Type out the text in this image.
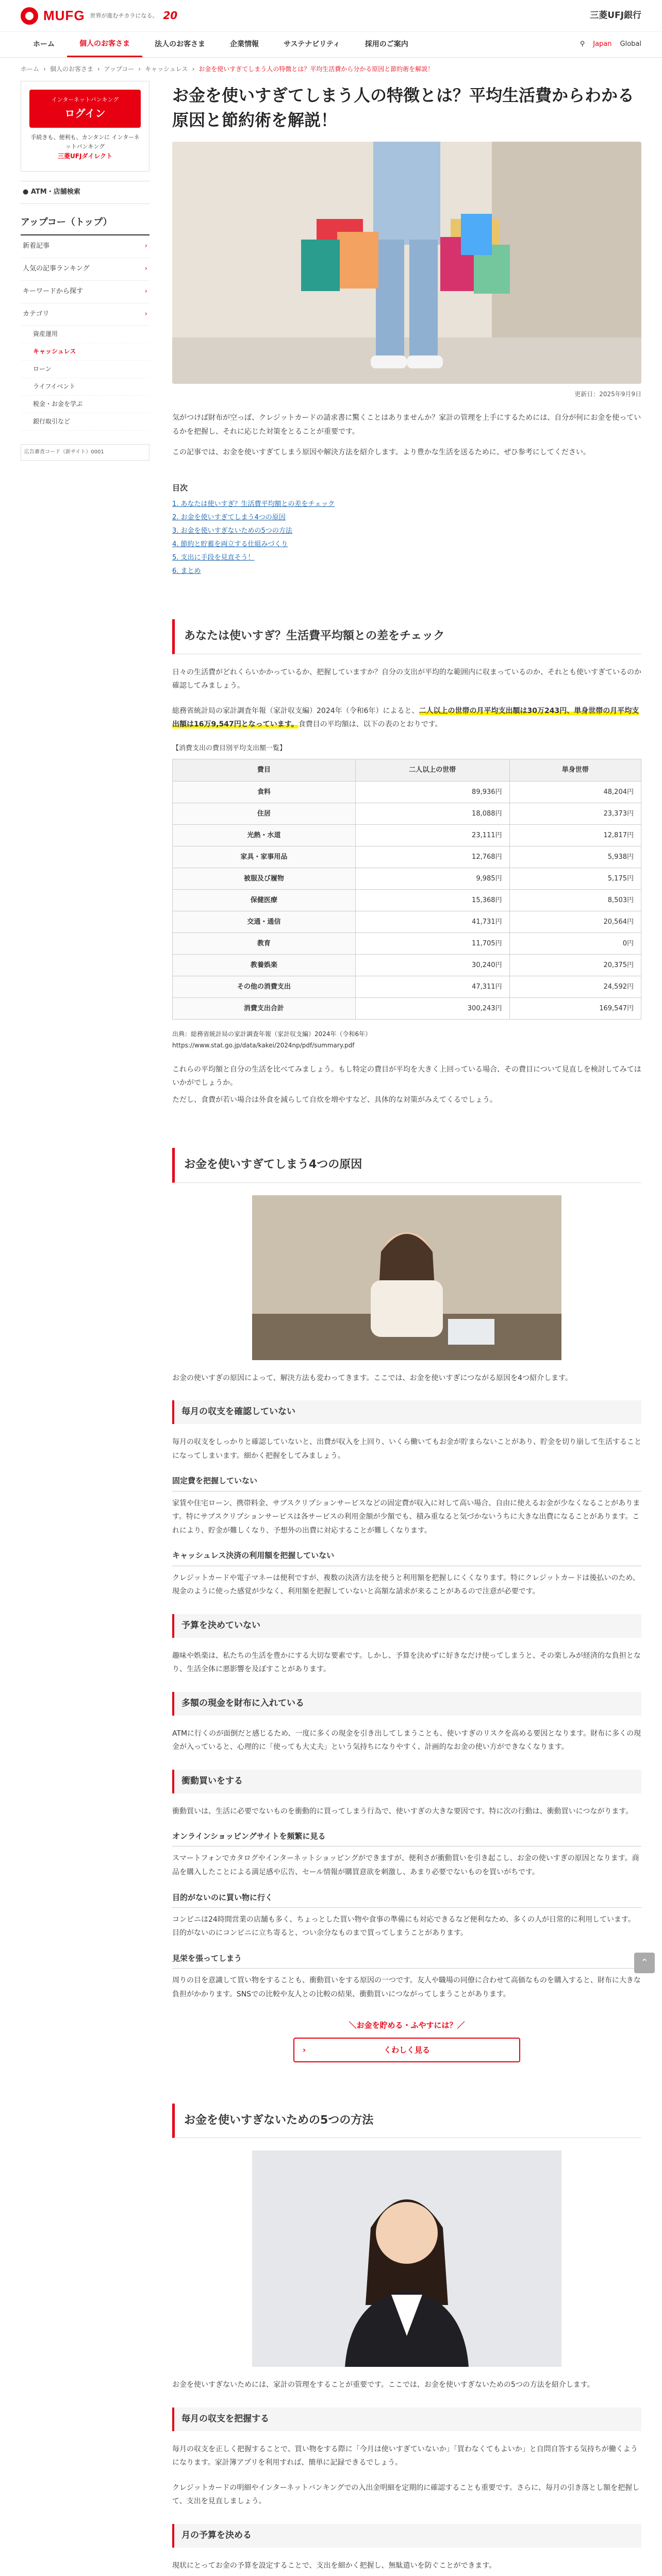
MUFG 世界が進むチカラになる。 20	三菱UFJ銀行
ホーム	個人のお客さま	法人のお客さま	企業情報	サステナビリティ	採用のご案内	⚲ Japan Global
ホーム › 個人のお客さま › アップコー › キャッシュレス › お金を使いすぎてしまう人の特徴とは？平均生活費から分かる原因と節約術を解説！
インターネットバンキング
ログイン
手続きも、便利も、カンタンに インターネットバンキング
三菱UFJダイレクト
● ATM・店舗検索
アップコー（トップ）
新着記事 ›
人気の記事ランキング ›
キーワードから探す ›
カテゴリ ›
資産運用
キャッシュレス
ローン
ライフイベント
税金・お金を学ぶ
銀行取引など
広告審査コード（新サイト）0001
お金を使いすぎてしまう人の特徴とは？平均生活費からわかる原因と節約術を解説！
更新日：2025年9月9日

気がつけば財布が空っぽ、クレジットカードの請求書に驚くことはありませんか？家計の管理を上手にするためには、自分が何にお金を使っているかを把握し、それに応じた対策をとることが重要です。

この記事では、お金を使いすぎてしまう原因や解決方法を紹介します。より豊かな生活を送るために、ぜひ参考にしてください。

目次
1. あなたは使いすぎ？生活費平均額との差をチェック
2. お金を使いすぎてしまう4つの原因
3. お金を使いすぎないための5つの方法
4. 節約と貯蓄を両立する仕組みづくり
5. 支出に手段を見直そう！
6. まとめ
あなたは使いすぎ？生活費平均額との差をチェック

日々の生活費がどれくらいかかっているか、把握していますか？自分の支出が平均的な範囲内に収まっているのか、それとも使いすぎているのか確認してみましょう。

総務省統計局の家計調査年報（家計収支編）2024年（令和6年）によると、二人以上の世帯の月平均支出額は30万243円、単身世帯の月平均支出額は16万9,547円となっています。食費目の平均額は、以下の表のとおりです。

【消費支出の費目別平均支出額一覧】
費目	二人以上の世帯	単身世帯
食料	89,936円	48,204円
住居	18,088円	23,373円
光熱・水道	23,111円	12,817円
家具・家事用品	12,768円	5,938円
被服及び履物	9,985円	5,175円
保健医療	15,368円	8,503円
交通・通信	41,731円	20,564円
教育	11,705円	0円
教養娯楽	30,240円	20,375円
その他の消費支出	47,311円	24,592円
消費支出合計	300,243円	169,547円
出典：総務省統計局の家計調査年報（家計収支編）2024年（令和6年）
https://www.stat.go.jp/data/kakei/2024np/pdf/summary.pdf

これらの平均額と自分の生活を比べてみましょう。もし特定の費目が平均を大きく上回っている場合、その費目について見直しを検討してみてはいかがでしょうか。

ただし、食費が若い場合は外食を減らして自炊を増やすなど、具体的な対策がみえてくるでしょう。

お金を使いすぎてしまう4つの原因

お金の使いすぎの原因によって、解決方法も変わってきます。ここでは、お金を使いすぎにつながる原因を4つ紹介します。

毎月の収支を確認していない

毎月の収支をしっかりと確認していないと、出費が収入を上回り、いくら働いてもお金が貯まらないことがあり、貯金を切り崩して生活することになってしまいます。細かく把握をしてみましょう。

固定費を把握していない

家賃や住宅ローン、携帯料金、サブスクリプションサービスなどの固定費が収入に対して高い場合、自由に使えるお金が少なくなることがあります。特にサブスクリプションサービスは各サービスの利用金額が少額でも、積み重なると気づかないうちに大きな出費になることがあります。これにより、貯金が難しくなり、予想外の出費に対応することが難しくなります。

キャッシュレス決済の利用額を把握していない

クレジットカードや電子マネーは便利ですが、複数の決済方法を使うと利用額を把握しにくくなります。特にクレジットカードは後払いのため、現金のように使った感覚が少なく、利用額を把握していないと高額な請求が来ることがあるので注意が必要です。

予算を決めていない

趣味や娯楽は、私たちの生活を豊かにする大切な要素です。しかし、予算を決めずに好きなだけ使ってしまうと、その楽しみが経済的な負担となり、生活全体に悪影響を及ぼすことがあります。

多額の現金を財布に入れている

ATMに行くのが面倒だと感じるため、一度に多くの現金を引き出してしまうことも、使いすぎのリスクを高める要因となります。財布に多くの現金が入っていると、心理的に「使っても大丈夫」という気持ちになりやすく、計画的なお金の使い方ができなくなります。

衝動買いをする

衝動買いは、生活に必要でないものを衝動的に買ってしまう行為で、使いすぎの大きな要因です。特に次の行動は、衝動買いにつながります。

オンラインショッピングサイトを頻繁に見る

スマートフォンでカタログやインターネットショッピングができますが、便利さが衝動買いを引き起こし、お金の使いすぎの原因となります。商品を購入したことによる満足感や広告、セール情報が購買意欲を刺激し、あまり必要でないものを買いがちです。

目的がないのに買い物に行く

コンビニは24時間営業の店舗も多く、ちょっとした買い物や食事の準備にも対応できるなど便利なため、多くの人が日常的に利用しています。目的がないのにコンビニに立ち寄ると、つい余分なものまで買ってしまうことがあります。

見栄を張ってしまう

周りの目を意識して買い物をすることも、衝動買いをする原因の一つです。友人や職場の同僚に合わせて高価なものを購入すると、財布に大きな負担がかかります。SNSでの比較や友人との比較の結果、衝動買いにつながってしまうことがあります。

＼お金を貯める・ふやすには？／
› くわしく見る
お金を使いすぎないための5つの方法

お金を使いすぎないためには、家計の管理をすることが重要です。ここでは、お金を使いすぎないための5つの方法を紹介します。

毎月の収支を把握する

毎月の収支を正しく把握することで、買い物をする際に「今月は使いすぎていないか」「買わなくてもよいか」と自問自答する気持ちが働くようになります。家計簿アプリを利用すれば、簡単に記録できるでしょう。

クレジットカードの明細やインターネットバンキングでの入出金明細を定期的に確認することも重要です。さらに、毎月の引き落とし額を把握して、支出を見直しましょう。

月の予算を決める

現状にとってお金の予算を設定することで、支出を細かく把握し、無駄遣いを防ぐことができます。

⌃
